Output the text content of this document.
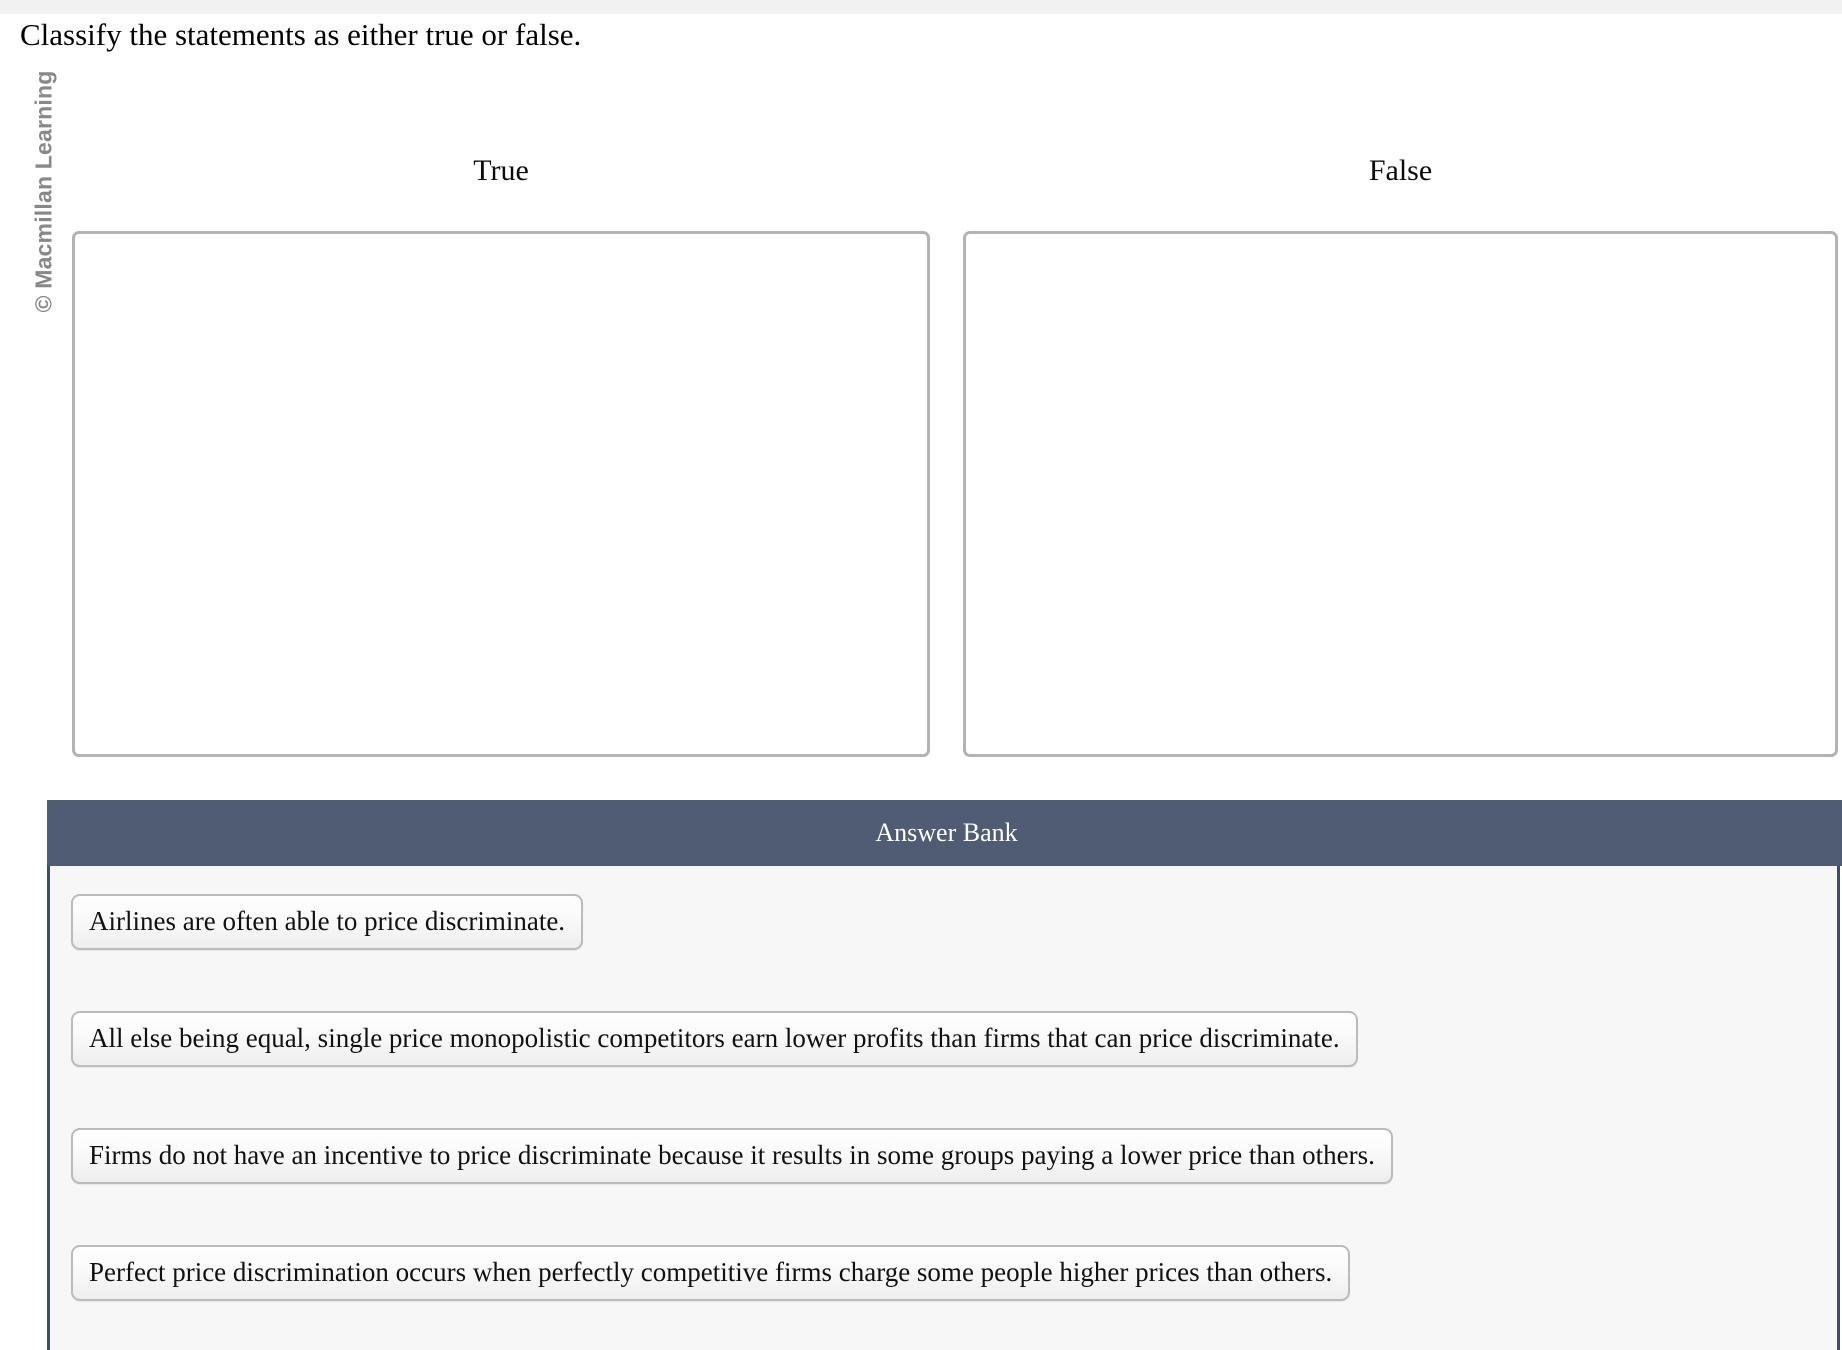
© Macmillan Learning
Classify the statements as either true or false.
True	False
Answer Bank
Airlines are often able to price discriminate.
All else being equal, single price monopolistic competitors earn lower profits than firms that can price discriminate.
Firms do not have an incentive to price discriminate because it results in some groups paying a lower price than others.
Perfect price discrimination occurs when perfectly competitive firms charge some people higher prices than others.
